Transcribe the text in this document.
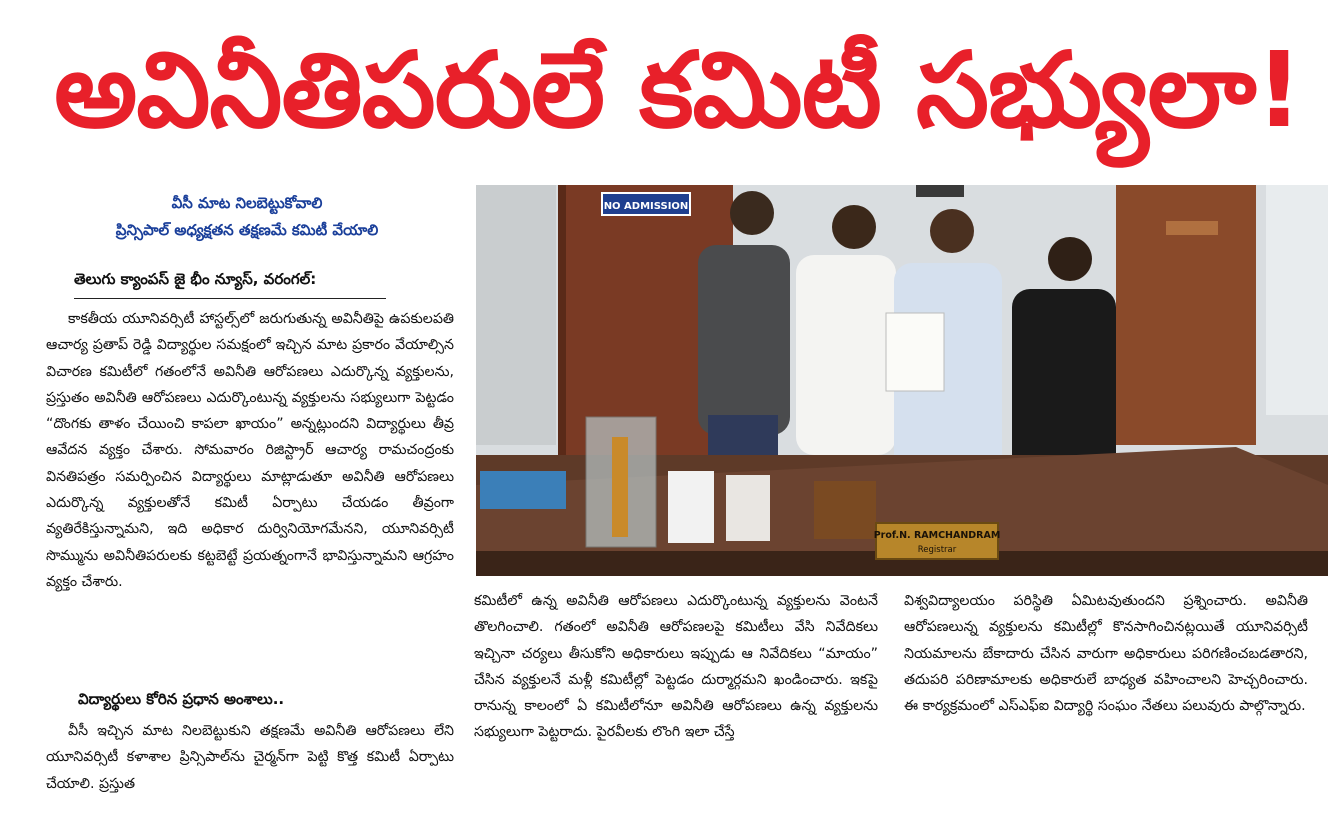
అవినీతిపరులే కమిటీ సభ్యులా!
వీసీ మాట నిలబెట్టుకోవాలి
ప్రిన్సిపాల్ అధ్యక్షతన తక్షణమే కమిటీ వేయాలి
తెలుగు క్యాంపస్ జై భీం న్యూస్, వరంగల్:

కాకతీయ యూనివర్సిటీ హాస్టల్స్‌లో జరుగుతున్న అవినీతిపై ఉపకులపతి ఆచార్య ప్రతాప్ రెడ్డి విద్యార్థుల సమక్షంలో ఇచ్చిన మాట ప్రకారం వేయాల్సిన విచారణ కమిటీలో గతంలోనే అవినీతి ఆరోపణలు ఎదుర్కొన్న వ్యక్తులను, ప్రస్తుతం అవినీతి ఆరోపణలు ఎదుర్కొంటున్న వ్యక్తులను సభ్యులుగా పెట్టడం “దొంగకు తాళం చేయించి కాపలా ఖాయం” అన్నట్లుందని విద్యార్థులు తీవ్ర ఆవేదన వ్యక్తం చేశారు. సోమవారం రిజిస్ట్రార్ ఆచార్య రామచంద్రంకు వినతిపత్రం సమర్పించిన విద్యార్థులు మాట్లాడుతూ అవినీతి ఆరోపణలు ఎదుర్కొన్న వ్యక్తులతోనే కమిటీ ఏర్పాటు చేయడం తీవ్రంగా వ్యతిరేకిస్తున్నామని, ఇది అధికార దుర్వినియోగమేనని, యూనివర్సిటీ సొమ్మును అవినీతిపరులకు కట్టబెట్టే ప్రయత్నంగానే భావిస్తున్నామని ఆగ్రహం వ్యక్తం చేశారు.

విద్యార్థులు కోరిన ప్రధాన అంశాలు..

వీసీ ఇచ్చిన మాట నిలబెట్టుకుని తక్షణమే అవినీతి ఆరోపణలు లేని యూనివర్సిటీ కళాశాల ప్రిన్సిపాల్‌ను చైర్మన్‌గా పెట్టి కొత్త కమిటీ ఏర్పాటు చేయాలి. ప్రస్తుత

కమిటీలో ఉన్న అవినీతి ఆరోపణలు ఎదుర్కొంటున్న వ్యక్తులను వెంటనే తొలగించాలి. గతంలో అవినీతి ఆరోపణలపై కమిటీలు వేసి నివేదికలు ఇచ్చినా చర్యలు తీసుకోని అధికారులు ఇప్పుడు ఆ నివేదికలు “మాయం” చేసిన వ్యక్తులనే మళ్లీ కమిటీల్లో పెట్టడం దుర్మార్గమని ఖండించారు. ఇకపై రానున్న కాలంలో ఏ కమిటీలోనూ అవినీతి ఆరోపణలు ఉన్న వ్యక్తులను సభ్యులుగా పెట్టరాదు. పైరవీలకు లొంగి ఇలా చేస్తే

విశ్వవిద్యాలయం పరిస్థితి ఏమిటవుతుందని ప్రశ్నించారు. అవినీతి ఆరోపణలున్న వ్యక్తులను కమిటీల్లో కొనసాగించినట్లయితే యూనివర్సిటీ నియమాలను బేకాదారు చేసిన వారుగా అధికారులు పరిగణించబడతారని, తదుపరి పరిణామాలకు అధికారులే బాధ్యత వహించాలని హెచ్చరించారు. ఈ కార్యక్రమంలో ఎస్ఎఫ్ఐ విద్యార్థి సంఘం నేతలు పలువురు పాల్గొన్నారు.

NO ADMISSION
Prof.N. RAMCHANDRAM
Registrar
